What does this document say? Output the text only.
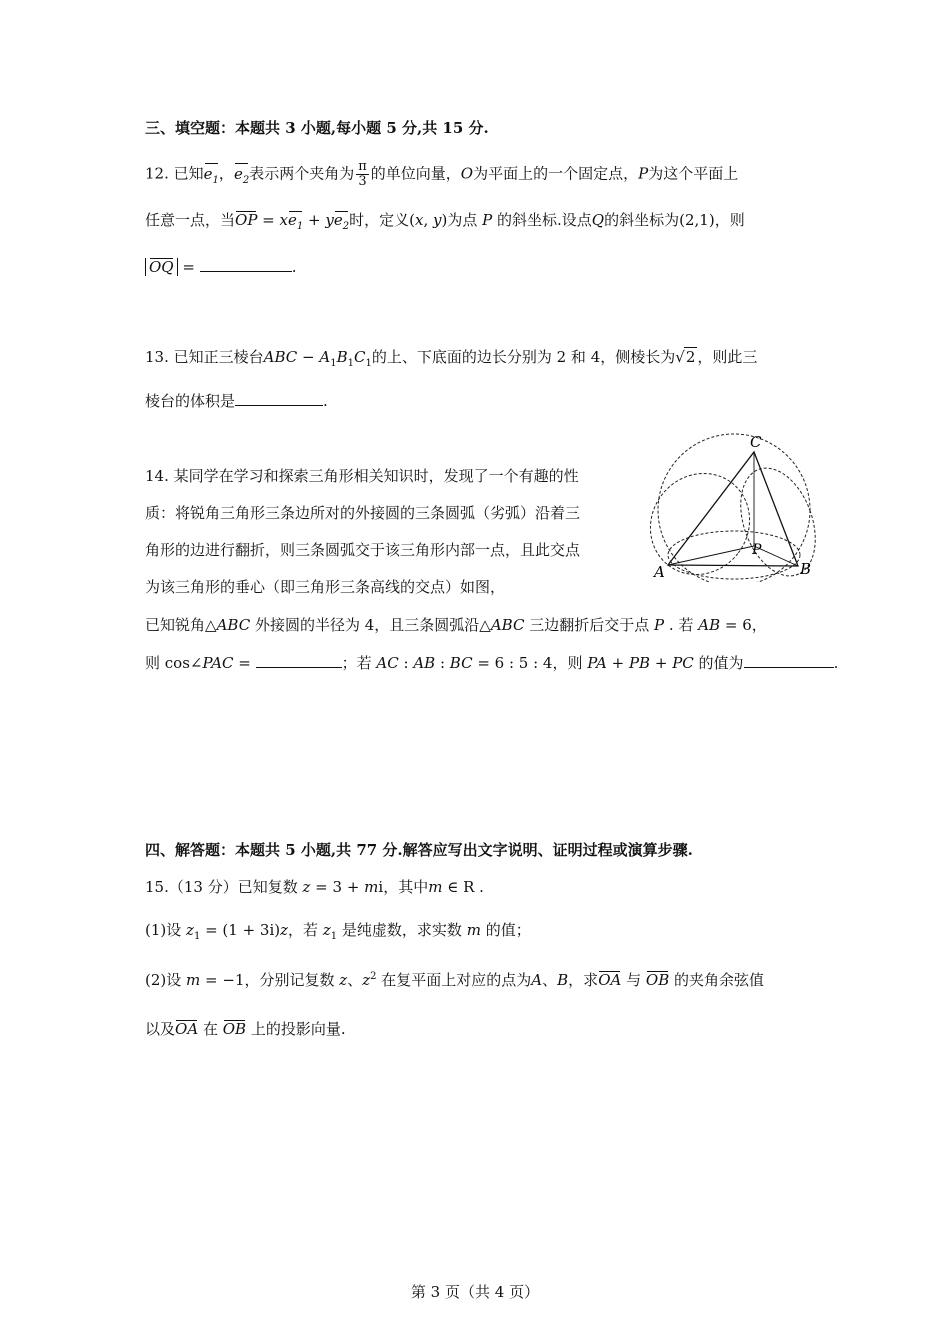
三、填空题：本题共 3 小题,每小题 5 分,共 15 分.
12. 已知$e_1$，$e_2$表示两个夹角为 $\frac{\pi}{3}$ 的单位向量，O为平面上的一个固定点，P为这个平面上
任意一点，当OP = $xe_1 + ye_2$时，定义(x, y)为点 P 的斜坐标.设点Q的斜坐标为(2,1)，则
OQ =	.
13. 已知正三棱台ABC − $A_1B_1C_1$的上、下底面的边长分别为 2 和 4，侧棱长为√2 ，则此三
棱台的体积是	.
14. 某同学在学习和探索三角形相关知识时，发现了一个有趣的性
质：将锐角三角形三条边所对的外接圆的三条圆弧（劣弧）沿着三
角形的边进行翻折，则三条圆弧交于该三角形内部一点，且此交点
为该三角形的垂心（即三角形三条高线的交点）如图，
已知锐角△ABC 外接圆的半径为 4，且三条圆弧沿△ABC 三边翻折后交于点 P . 若 AB = 6，
则 cos∠PAC =	；若 AC : AB : BC = 6 : 5 : 4，则 PA + PB + PC 的值为	.
A	B
C
P
四、解答题：本题共 5 小题,共 77 分.解答应写出文字说明、证明过程或演算步骤.
15.（13 分）已知复数 z = 3 + mi，其中m ∈ R .
(1)设 $z_1 = (1 + 3i)z$，若 $z_1$ 是纯虚数，求实数 m 的值；
(2)设 m = −1，分别记复数 z、$z^2$ 在复平面上对应的点为A、B，求OA 与 OB 的夹角余弦值
以及OA 在 OB 上的投影向量.
第 3 页（共 4 页）
